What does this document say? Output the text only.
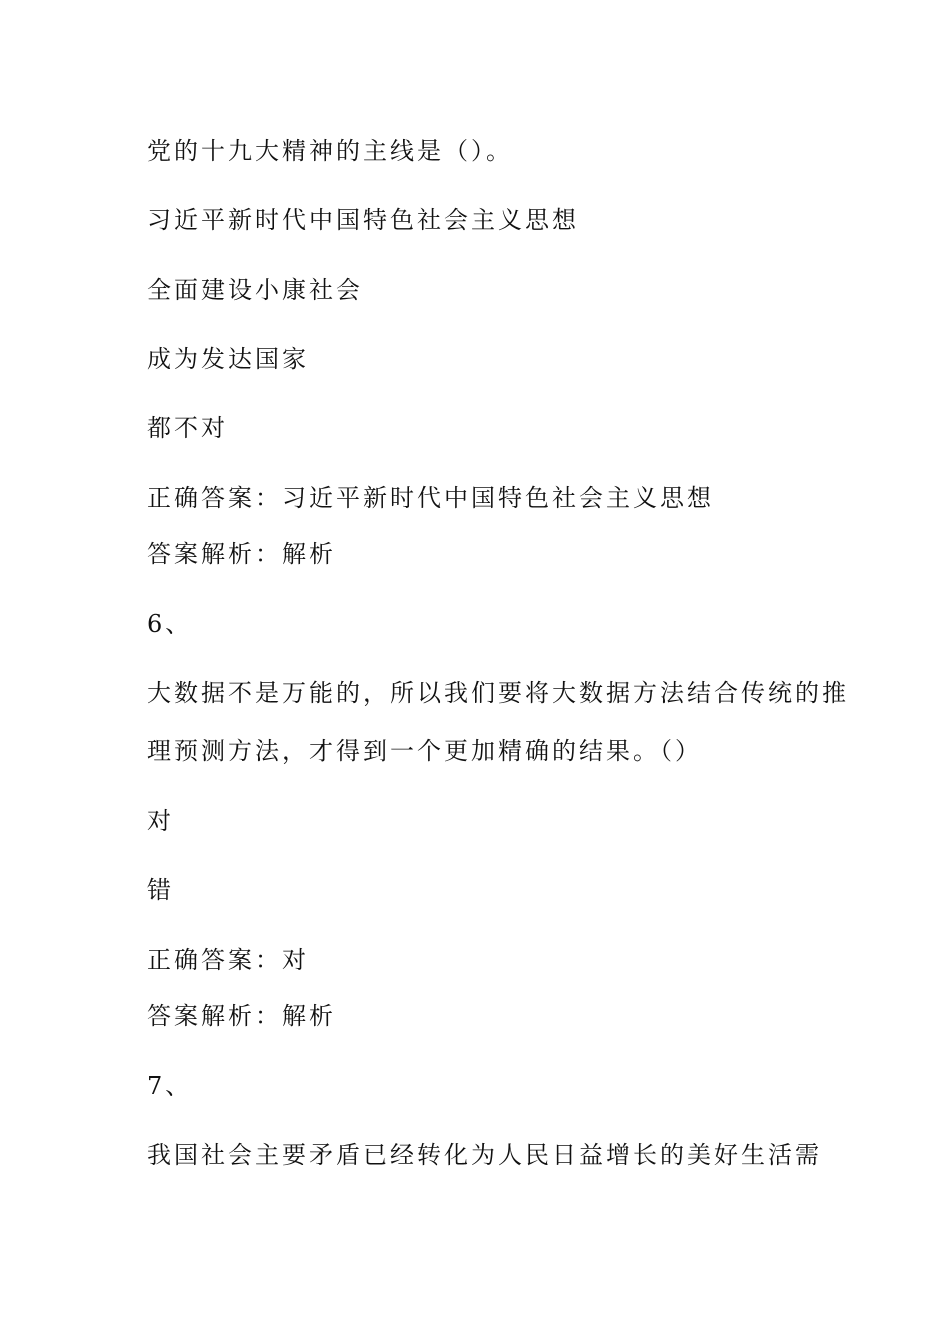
党的十九大精神的主线是（）。
习近平新时代中国特色社会主义思想
全面建设小康社会
成为发达国家
都不对
正确答案：习近平新时代中国特色社会主义思想
答案解析：解析
6、
大数据不是万能的，所以我们要将大数据方法结合传统的推
理预测方法，才得到一个更加精确的结果。（）
对
错
正确答案：对
答案解析：解析
7、
我国社会主要矛盾已经转化为人民日益增长的美好生活需
